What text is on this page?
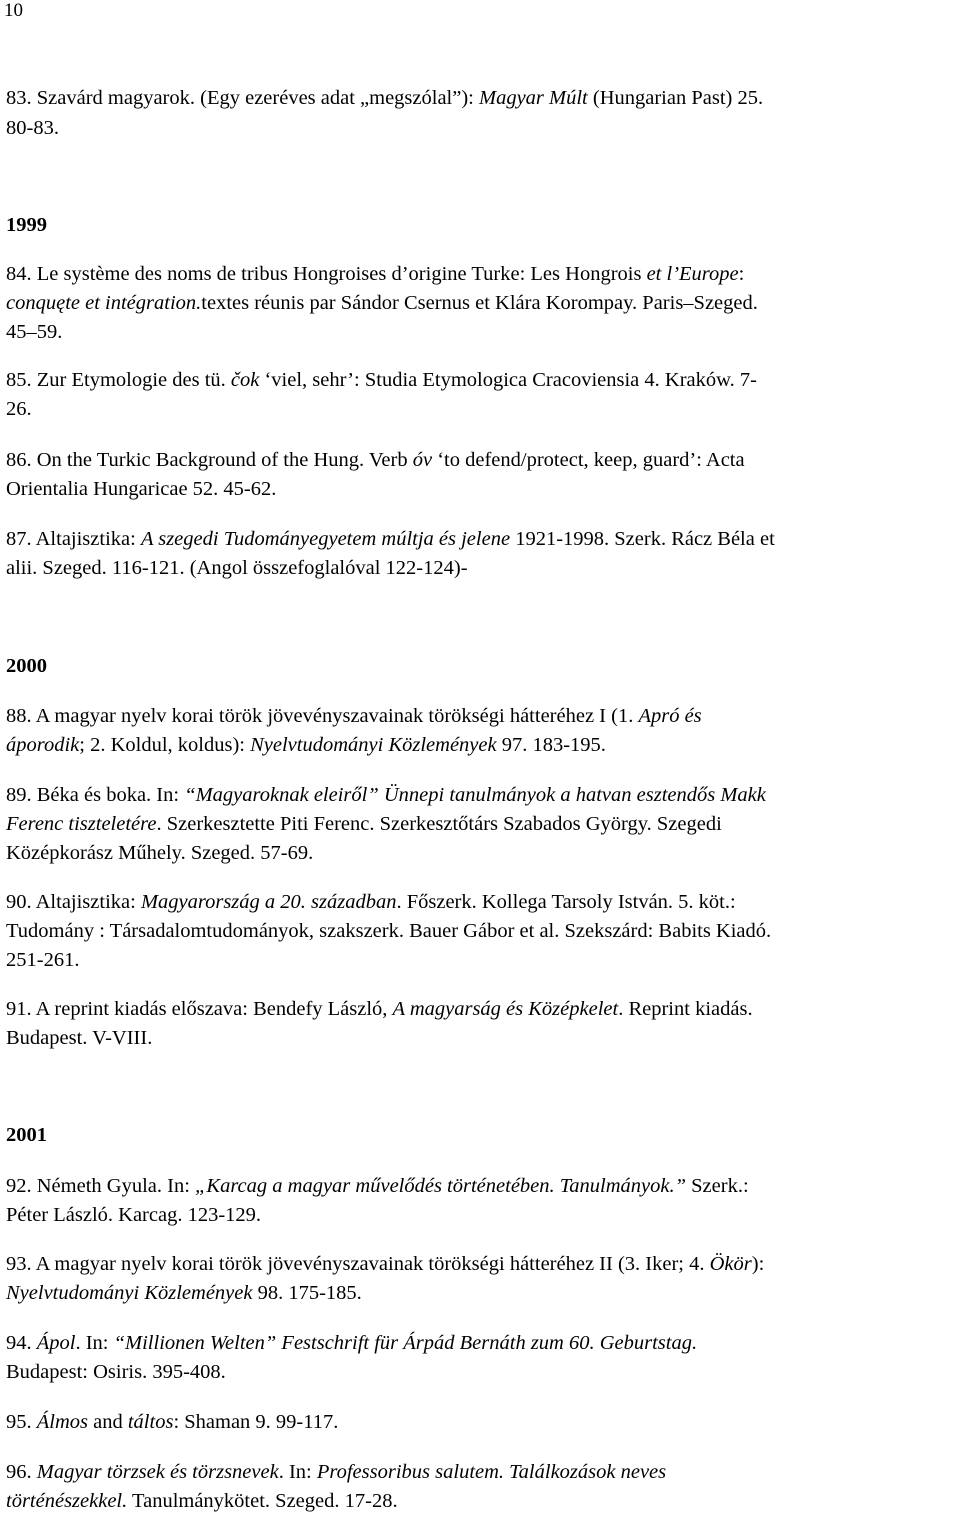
10
83. Szavárd magyarok. (Egy ezeréves adat „megszólal”): Magyar Múlt (Hungarian Past) 25.
80-83.
1999
84. Le système des noms de tribus Hongroises d’origine Turke: Les Hongrois et l’Europe:
conquęte et intégration.textes réunis par Sándor Csernus et Klára Korompay. Paris–Szeged.
45–59.
85. Zur Etymologie des tü. čok ‘viel, sehr’: Studia Etymologica Cracoviensia 4. Kraków. 7-
26.
86. On the Turkic Background of the Hung. Verb óv ‘to defend/protect, keep, guard’: Acta
Orientalia Hungaricae 52. 45-62.
87. Altajisztika: A szegedi Tudományegyetem múltja és jelene 1921-1998. Szerk. Rácz Béla et
alii. Szeged. 116-121. (Angol összefoglalóval 122-124)-
2000
88. A magyar nyelv korai török jövevényszavainak törökségi hátteréhez I (1. Apró és
áporodik; 2. Koldul, koldus): Nyelvtudományi Közlemények 97. 183-195.
89. Béka és boka. In: “Magyaroknak eleiről” Ünnepi tanulmányok a hatvan esztendős Makk
Ferenc tiszteletére. Szerkesztette Piti Ferenc. Szerkesztőtárs Szabados György. Szegedi
Középkorász Műhely. Szeged. 57-69.
90. Altajisztika: Magyarország a 20. században. Főszerk. Kollega Tarsoly István. 5. köt.:
Tudomány : Társadalomtudományok, szakszerk. Bauer Gábor et al. Szekszárd: Babits Kiadó.
251-261.
91. A reprint kiadás előszava: Bendefy László, A magyarság és Középkelet. Reprint kiadás.
Budapest. V-VIII.
2001
92. Németh Gyula. In: „Karcag a magyar művelődés történetében. Tanulmányok.” Szerk.:
Péter László. Karcag. 123-129.
93. A magyar nyelv korai török jövevényszavainak törökségi hátteréhez II (3. Iker; 4. Ökör):
Nyelvtudományi Közlemények 98. 175-185.
94. Ápol. In: “Millionen Welten” Festschrift für Árpád Bernáth zum 60. Geburtstag.
Budapest: Osiris. 395-408.
95. Álmos and táltos: Shaman 9. 99-117.
96. Magyar törzsek és törzsnevek. In: Professoribus salutem. Találkozások neves
történészekkel. Tanulmánykötet. Szeged. 17-28.
